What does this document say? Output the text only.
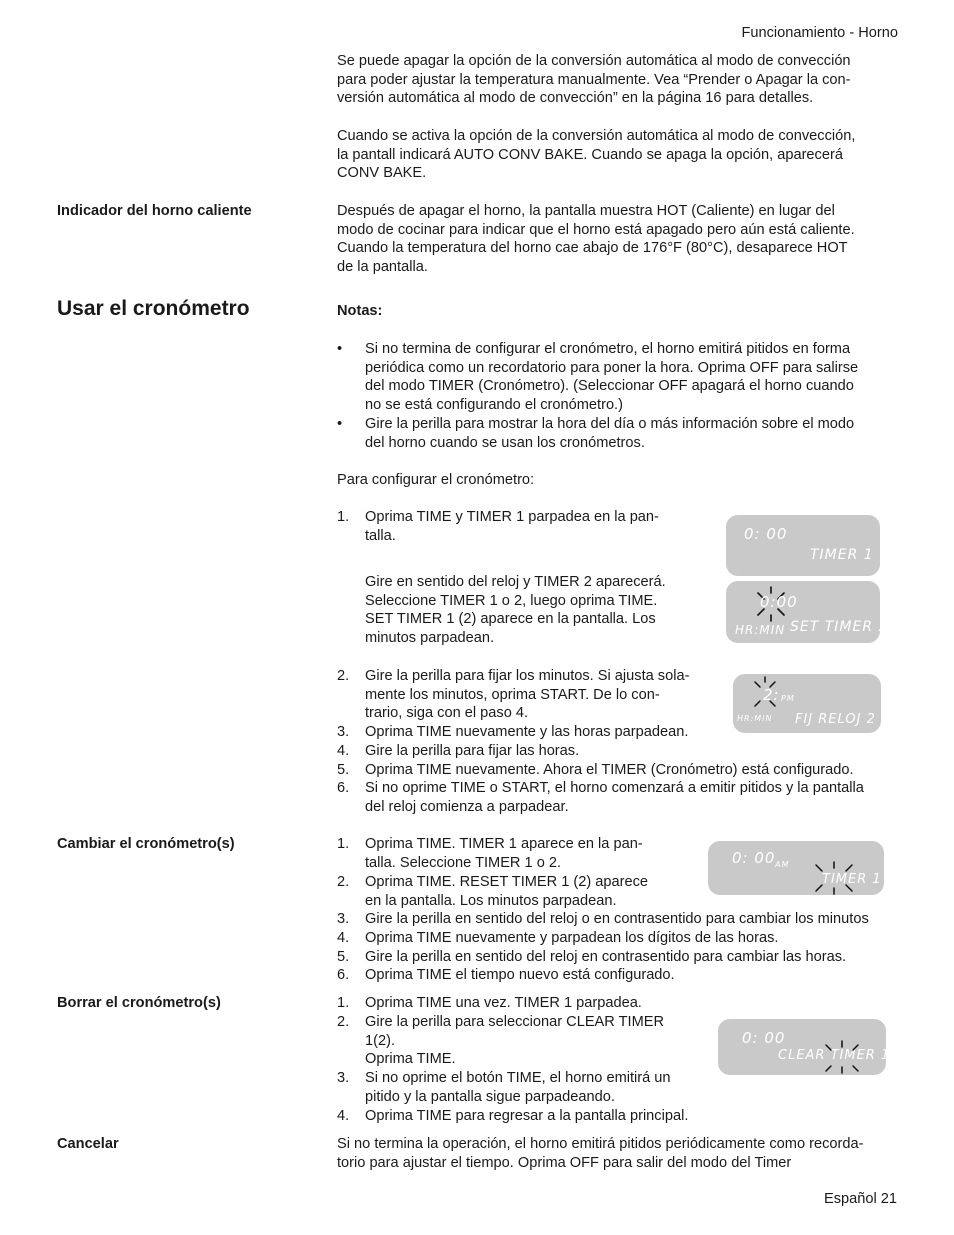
Funcionamiento - Horno

Se puede apagar la opción de la conversión automática al modo de convección

para poder ajustar la temperatura manualmente. Vea “Prender o Apagar la con-

versión automática al modo de convección” en la página 16 para detalles.

Cuando se activa la opción de la conversión automática al modo de convección,

la pantall indicará AUTO CONV BAKE. Cuando se apaga la opción, aparecerá

CONV BAKE.

Indicador del horno caliente	Después de apagar el horno, la pantalla muestra HOT (Caliente) en lugar del

modo de cocinar para indicar que el horno está apagado pero aún está caliente.

Cuando la temperatura del horno cae abajo de 176°F (80°C), desaparece HOT

de la pantalla.

Usar el cronómetro	Notas:
•	Si no termina de configurar el cronómetro, el horno emitirá pitidos en forma

periódica como un recordatorio para poner la hora. Oprima OFF para salirse

del modo TIMER (Cronómetro). (Seleccionar OFF apagará el horno cuando

no se está configurando el cronómetro.)

•	Gire la perilla para mostrar la hora del día o más información sobre el modo

del horno cuando se usan los cronómetros.

Para configurar el cronómetro:
1.	Oprima TIME y TIMER 1 parpadea en la pan-

talla.

Gire en sentido del reloj y TIMER 2 aparecerá.

Seleccione TIMER 1 o 2, luego oprima TIME.

SET TIMER 1 (2) aparece en la pantalla. Los

minutos parpadean.

2.	Gire la perilla para fijar los minutos. Si ajusta sola-

mente los minutos, oprima START. De lo con-

trario, siga con el paso 4.

3.	Oprima TIME nuevamente y las horas parpadean.

4.	Gire la perilla para fijar las horas.

5.	Oprima TIME nuevamente. Ahora el TIMER (Cronómetro) está configurado.

6.	Si no oprime TIME o START, el horno comenzará a emitir pitidos y la pantalla

del reloj comienza a parpadear.

Cambiar el cronómetro(s)	1.	Oprima TIME. TIMER 1 aparece en la pan-

talla. Seleccione TIMER 1 o 2.

2.	Oprima TIME. RESET TIMER 1 (2) aparece

en la pantalla. Los minutos parpadean.

3.	Gire la perilla en sentido del reloj o en contrasentido para cambiar los minutos

4.	Oprima TIME nuevamente y parpadean los dígitos de las horas.

5.	Gire la perilla en sentido del reloj en contrasentido para cambiar las horas.

6.	Oprima TIME el tiempo nuevo está configurado.

Borrar el cronómetro(s)	1.	Oprima TIME una vez. TIMER 1 parpadea.

2.	Gire la perilla para seleccionar CLEAR TIMER

1(2).

Oprima TIME.

3.	Si no oprime el botón TIME, el horno emitirá un

pitido y la pantalla sigue parpadeando.

4.	Oprima TIME para regresar a la pantalla principal.

Cancelar	Si no termina la operación, el horno emitirá pitidos periódicamente como recorda-

torio para ajustar el tiempo. Oprima OFF para salir del modo del Timer

Español 21
0: 00
TIMER 1
0:00
HR:MIN SET TIMER 2
2: PM
HR:MIN FIJ RELOJ 2
0: 00 AM
TIMER 1
0: 00
CLEAR TIMER 1
